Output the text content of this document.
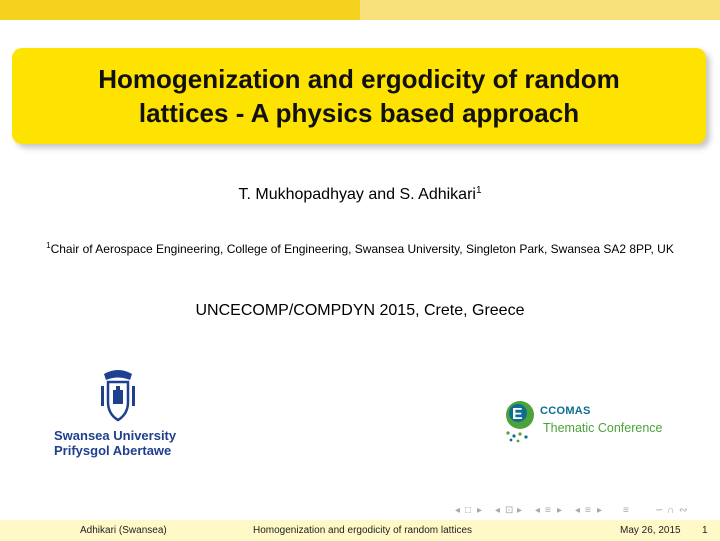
Homogenization and ergodicity of random lattices - A physics based approach
T. Mukhopadhyay and S. Adhikari$^1$
$^1$Chair of Aerospace Engineering, College of Engineering, Swansea University, Singleton Park, Swansea SA2 8PP, UK
UNCECOMP/COMPDYN 2015, Crete, Greece
Swansea University
Prifysgol Abertawe
E CCOMAS
Thematic Conference
◂ □ ▸ ◂ ⊡ ▸ ◂ ≡ ▸ ◂ ≡ ▸ ≡	∽ ∩ ∾
Adhikari (Swansea)	Homogenization and ergodicity of random lattices	May 26, 2015 1
